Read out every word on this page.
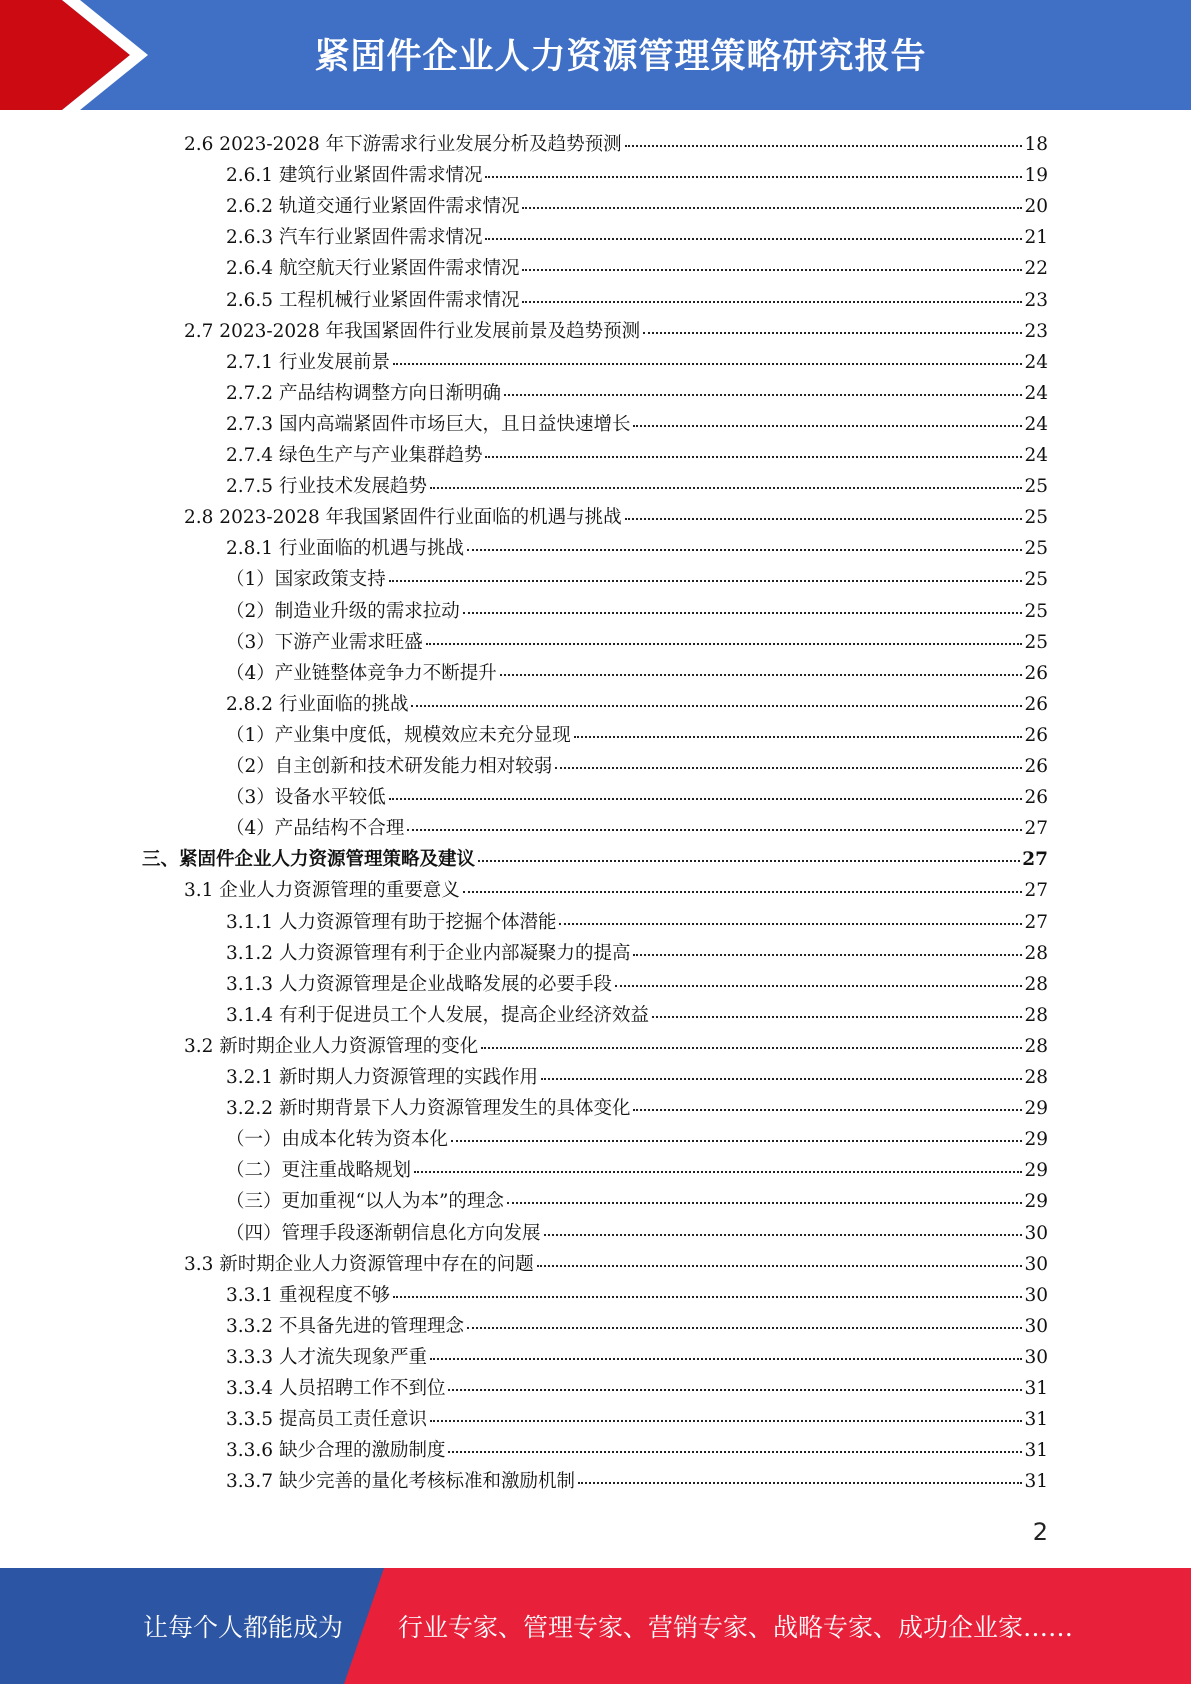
紧固件企业人力资源管理策略研究报告
2.6 2023-2028 年下游需求行业发展分析及趋势预测	18
2.6.1 建筑行业紧固件需求情况	19
2.6.2 轨道交通行业紧固件需求情况	20
2.6.3 汽车行业紧固件需求情况	21
2.6.4 航空航天行业紧固件需求情况	22
2.6.5 工程机械行业紧固件需求情况	23
2.7 2023-2028 年我国紧固件行业发展前景及趋势预测	23
2.7.1 行业发展前景	24
2.7.2 产品结构调整方向日渐明确	24
2.7.3 国内高端紧固件市场巨大，且日益快速增长	24
2.7.4 绿色生产与产业集群趋势	24
2.7.5 行业技术发展趋势	25
2.8 2023-2028 年我国紧固件行业面临的机遇与挑战	25
2.8.1 行业面临的机遇与挑战	25
（1）国家政策支持	25
（2）制造业升级的需求拉动	25
（3）下游产业需求旺盛	25
（4）产业链整体竞争力不断提升	26
2.8.2 行业面临的挑战	26
（1）产业集中度低，规模效应未充分显现	26
（2）自主创新和技术研发能力相对较弱	26
（3）设备水平较低	26
（4）产品结构不合理	27
三、紧固件企业人力资源管理策略及建议	27
3.1 企业人力资源管理的重要意义	27
3.1.1 人力资源管理有助于挖掘个体潜能	27
3.1.2 人力资源管理有利于企业内部凝聚力的提高	28
3.1.3 人力资源管理是企业战略发展的必要手段	28
3.1.4 有利于促进员工个人发展，提高企业经济效益	28
3.2 新时期企业人力资源管理的变化	28
3.2.1 新时期人力资源管理的实践作用	28
3.2.2 新时期背景下人力资源管理发生的具体变化	29
（一）由成本化转为资本化	29
（二）更注重战略规划	29
（三）更加重视“以人为本”的理念	29
（四）管理手段逐渐朝信息化方向发展	30
3.3 新时期企业人力资源管理中存在的问题	30
3.3.1 重视程度不够	30
3.3.2 不具备先进的管理理念	30
3.3.3 人才流失现象严重	30
3.3.4 人员招聘工作不到位	31
3.3.5 提高员工责任意识	31
3.3.6 缺少合理的激励制度	31
3.3.7 缺少完善的量化考核标准和激励机制	31
2
让每个人都能成为 行业专家、管理专家、营销专家、战略专家、成功企业家……
